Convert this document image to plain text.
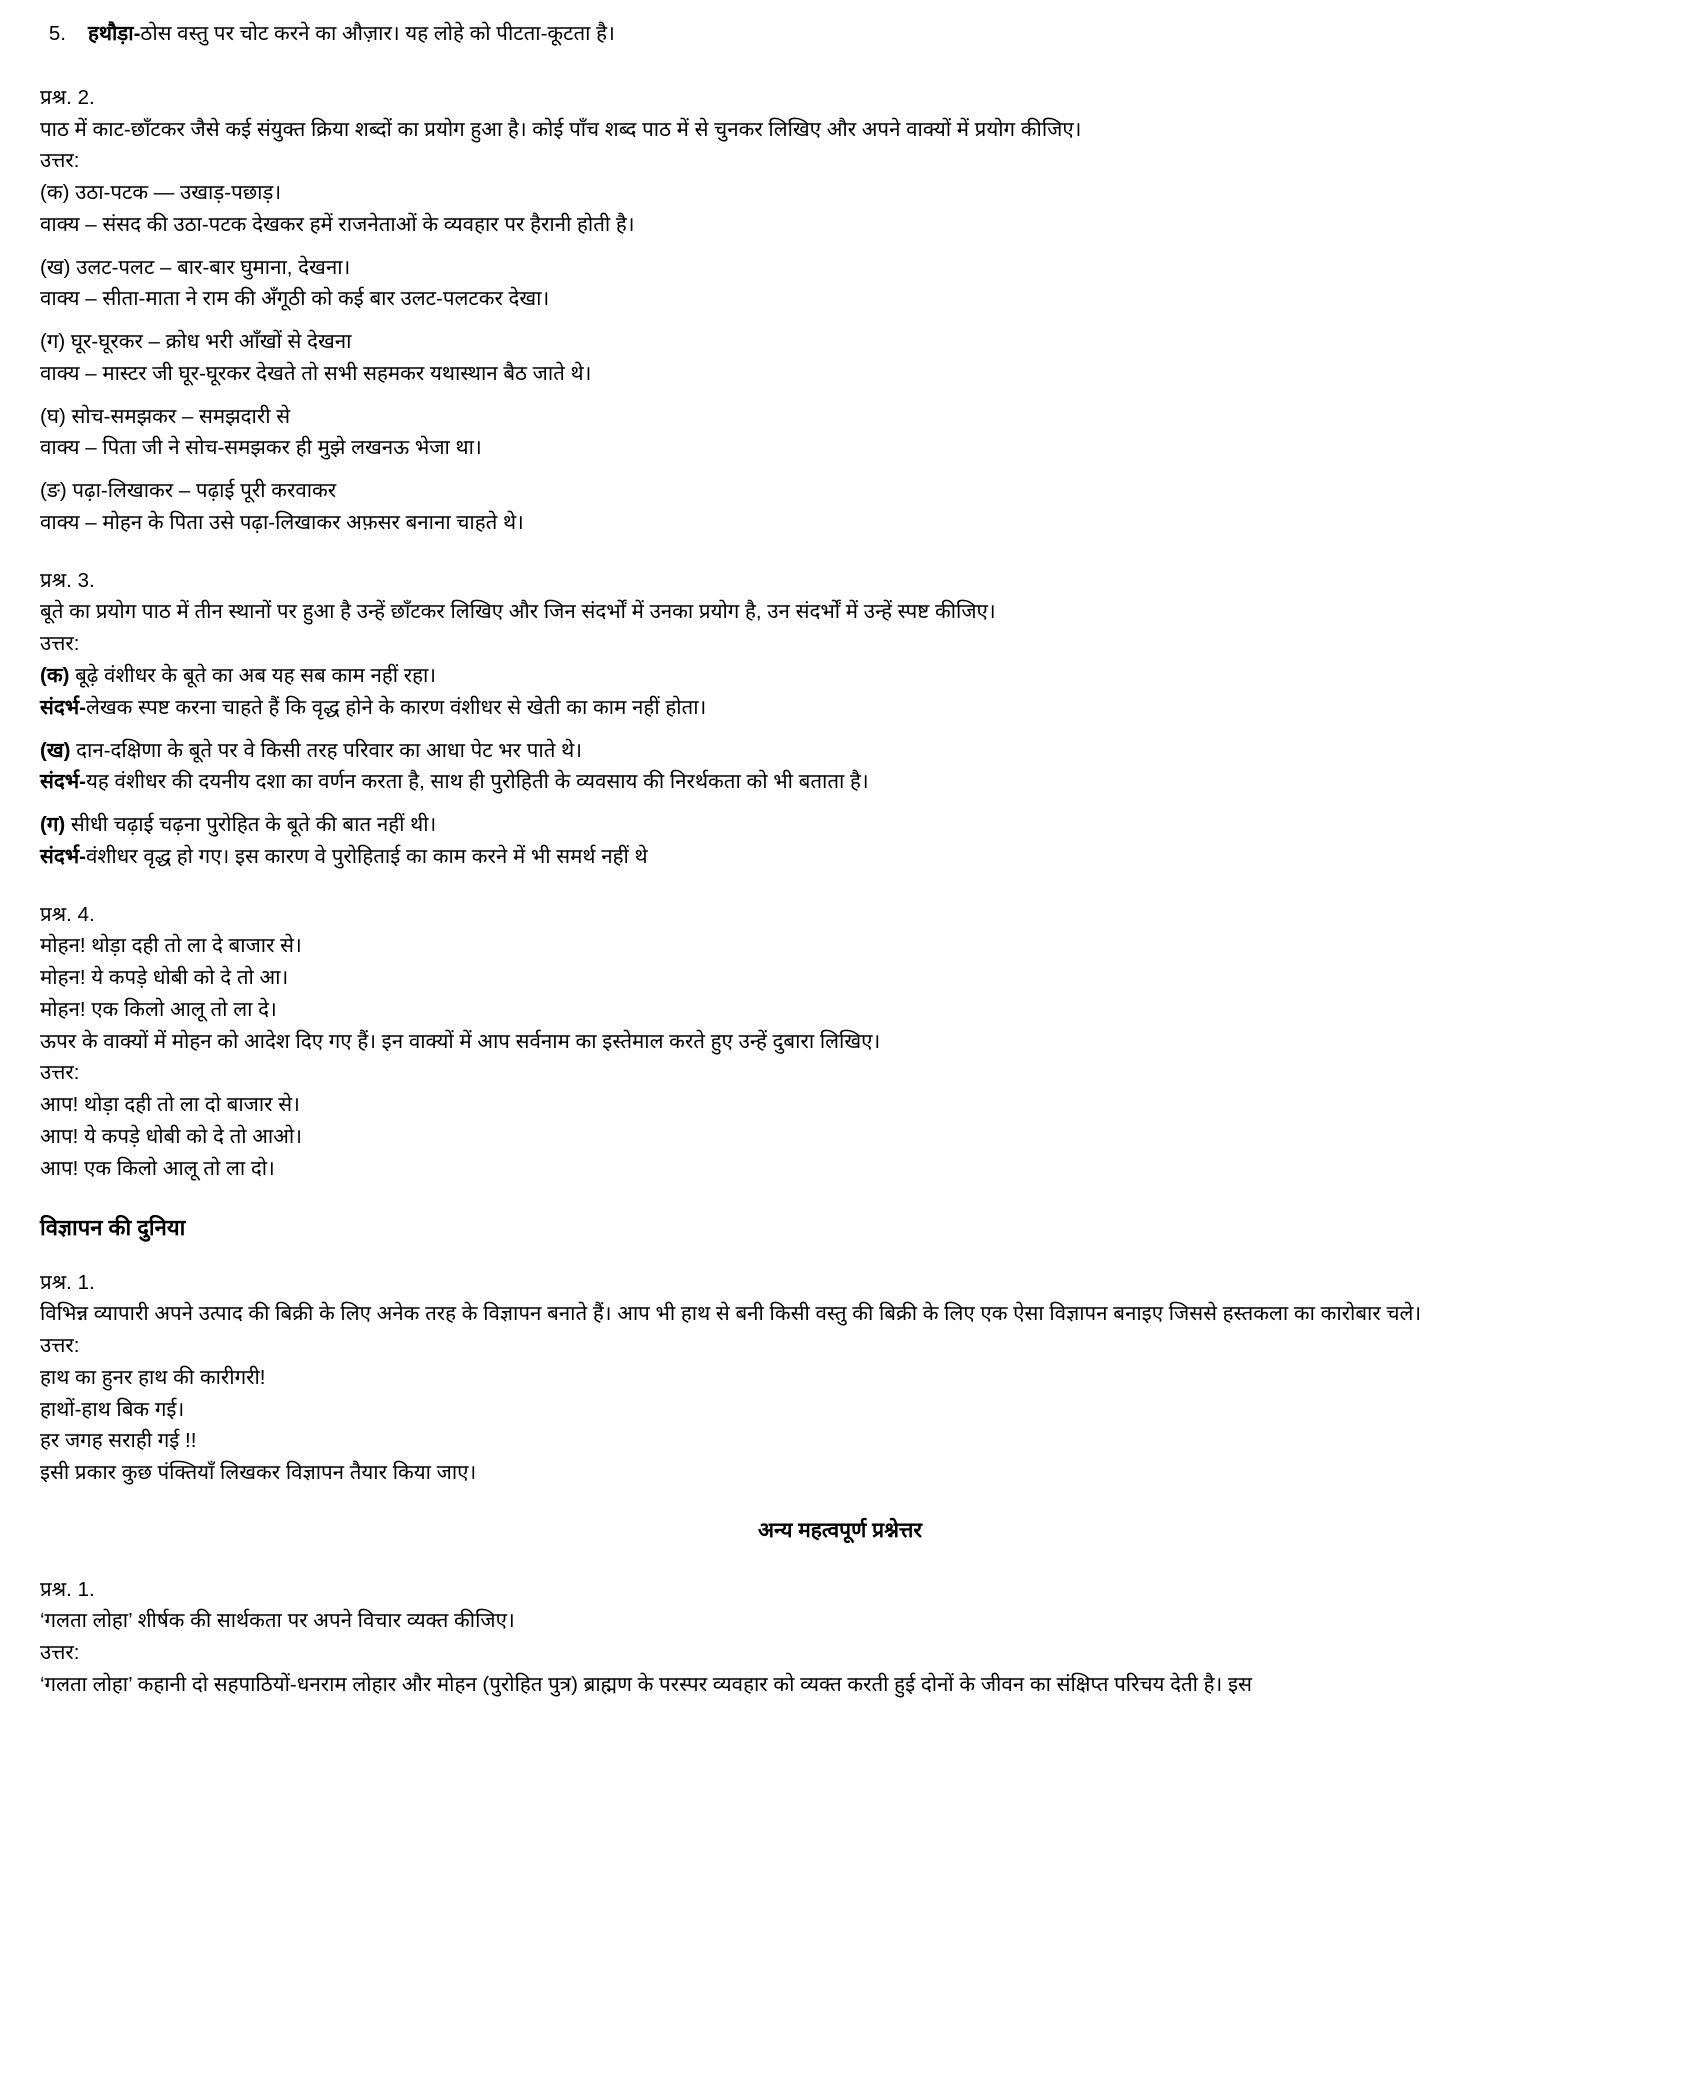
5.	हथौड़ा-ठोस वस्तु पर चोट करने का औज़ार। यह लोहे को पीटता-कूटता है।

प्रश्र. 2.

पाठ में काट-छाँटकर जैसे कई संयुक्त क्रिया शब्दों का प्रयोग हुआ है। कोई पाँच शब्द पाठ में से चुनकर लिखिए और अपने वाक्यों में प्रयोग कीजिए।

उत्तर:

(क) उठा-पटक — उखाड़-पछाड़।

वाक्य – संसद की उठा-पटक देखकर हमें राजनेताओं के व्यवहार पर हैरानी होती है।

(ख) उलट-पलट – बार-बार घुमाना, देखना।

वाक्य – सीता-माता ने राम की अँगूठी को कई बार उलट-पलटकर देखा।

(ग) घूर-घूरकर – क्रोध भरी आँखों से देखना

वाक्य – मास्टर जी घूर-घूरकर देखते तो सभी सहमकर यथास्थान बैठ जाते थे।

(घ) सोच-समझकर – समझदारी से

वाक्य – पिता जी ने सोच-समझकर ही मुझे लखनऊ भेजा था।

(ङ) पढ़ा-लिखाकर – पढ़ाई पूरी करवाकर

वाक्य – मोहन के पिता उसे पढ़ा-लिखाकर अफ़सर बनाना चाहते थे।

प्रश्र. 3.

बूते का प्रयोग पाठ में तीन स्थानों पर हुआ है उन्हें छाँटकर लिखिए और जिन संदर्भों में उनका प्रयोग है, उन संदर्भों में उन्हें स्पष्ट कीजिए।

उत्तर:

(क) बूढ़े वंशीधर के बूते का अब यह सब काम नहीं रहा।

संदर्भ-लेखक स्पष्ट करना चाहते हैं कि वृद्ध होने के कारण वंशीधर से खेती का काम नहीं होता।

(ख) दान-दक्षिणा के बूते पर वे किसी तरह परिवार का आधा पेट भर पाते थे।

संदर्भ-यह वंशीधर की दयनीय दशा का वर्णन करता है, साथ ही पुरोहिती के व्यवसाय की निरर्थकता को भी बताता है।

(ग) सीधी चढ़ाई चढ़ना पुरोहित के बूते की बात नहीं थी।

संदर्भ-वंशीधर वृद्ध हो गए। इस कारण वे पुरोहिताई का काम करने में भी समर्थ नहीं थे

प्रश्र. 4.

मोहन! थोड़ा दही तो ला दे बाजार से।

मोहन! ये कपड़े धोबी को दे तो आ।

मोहन! एक किलो आलू तो ला दे।

ऊपर के वाक्यों में मोहन को आदेश दिए गए हैं। इन वाक्यों में आप सर्वनाम का इस्तेमाल करते हुए उन्हें दुबारा लिखिए।

उत्तर:

आप! थोड़ा दही तो ला दो बाजार से।

आप! ये कपड़े धोबी को दे तो आओ।

आप! एक किलो आलू तो ला दो।

विज्ञापन की दुनिया

प्रश्र. 1.

विभिन्न व्यापारी अपने उत्पाद की बिक्री के लिए अनेक तरह के विज्ञापन बनाते हैं। आप भी हाथ से बनी किसी वस्तु की बिक्री के लिए एक ऐसा विज्ञापन बनाइए जिससे हस्तकला का कारोबार चले।

उत्तर:

हाथ का हुनर हाथ की कारीगरी!

हाथों-हाथ बिक गई।

हर जगह सराही गई !!

इसी प्रकार कुछ पंक्तियाँ लिखकर विज्ञापन तैयार किया जाए।

अन्य महत्वपूर्ण प्रश्नेत्तर

प्रश्र. 1.

‘गलता लोहा’ शीर्षक की सार्थकता पर अपने विचार व्यक्त कीजिए।

उत्तर:

‘गलता लोहा’ कहानी दो सहपाठियों-धनराम लोहार और मोहन (पुरोहित पुत्र) ब्राह्मण के परस्पर व्यवहार को व्यक्त करती हुई दोनों के जीवन का संक्षिप्त परिचय देती है। इस
